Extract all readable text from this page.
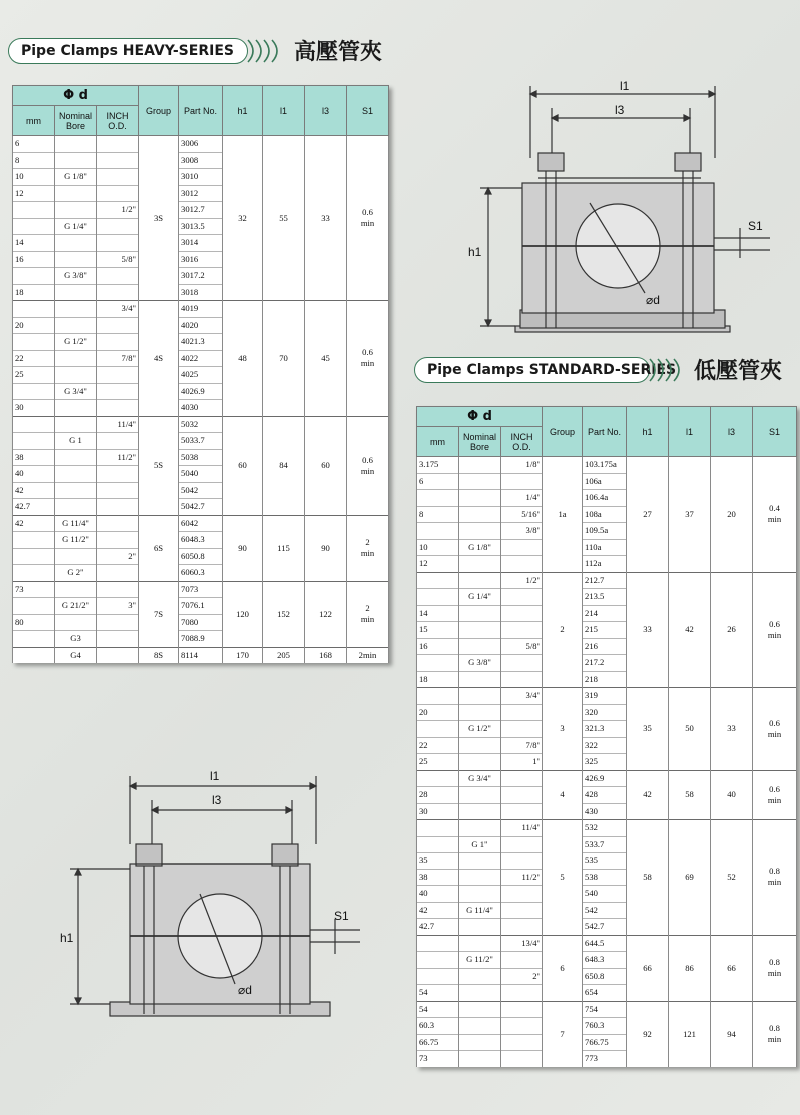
Pipe Clamps HEAVY-SERIES	高壓管夾
Pipe Clamps STANDARD-SERIES 低壓管夾
Φ d			Group	Part No.	h1	l1	l3	S1
mm	Nominal Bore	INCH O.D.						
6			3S	3006	32	55	33	0.6
min
8				3008				
10	G 1/8"			3010				
12				3012				
		1/2"		3012.7				
	G 1/4"			3013.5				
14				3014				
16		5/8"		3016				
	G 3/8"			3017.2				
18				3018				
		3/4"	4S	4019	48	70	45	0.6
min
20				4020				
	G 1/2"			4021.3				
22		7/8"		4022				
25				4025				
	G 3/4"			4026.9				
30				4030				
		11/4"	5S	5032	60	84	60	0.6
min
	G 1			5033.7				
38		11/2"		5038				
40				5040				
42				5042				
42.7				5042.7				
42	G 11/4"		6S	6042	90	115	90	2
min
	G 11/2"			6048.3				
		2"		6050.8				
	G 2"			6060.3				
73			7S	7073	120	152	122	2
min
	G 21/2"	3"		7076.1				
80				7080				
	G3			7088.9				
	G4		8S	8114	170	205	168	2min
Φ d			Group	Part No.	h1	l1	l3	S1
mm	Nominal Bore	INCH O.D.						
3.175		1/8"	1a	103.175a	27	37	20	0.4
min
6				106a				
		1/4"		106.4a				
8		5/16"		108a				
		3/8"		109.5a				
10	G 1/8"			110a				
12				112a				
		1/2"	2	212.7	33	42	26	0.6
min
	G 1/4"			213.5				
14				214				
15				215				
16		5/8"		216				
	G 3/8"			217.2				
18				218				
		3/4"	3	319	35	50	33	0.6
min
20				320				
	G 1/2"			321.3				
22		7/8"		322				
25		1"		325				
	G 3/4"		4	426.9	42	58	40	0.6
min
28				428				
30				430				
		11/4"	5	532	58	69	52	0.8
min
	G 1"			533.7				
35				535				
38		11/2"		538				
40				540				
42	G 11/4"			542				
42.7				542.7				
		13/4"	6	644.5	66	86	66	0.8
min
	G 11/2"			648.3				
		2"		650.8				
54				654				
54			7	754	92	121	94	0.8
min
60.3				760.3				
66.75				766.75				
73				773				
l1
l3
h1
S1
⌀d
l1
l3
h1
S1
⌀d
